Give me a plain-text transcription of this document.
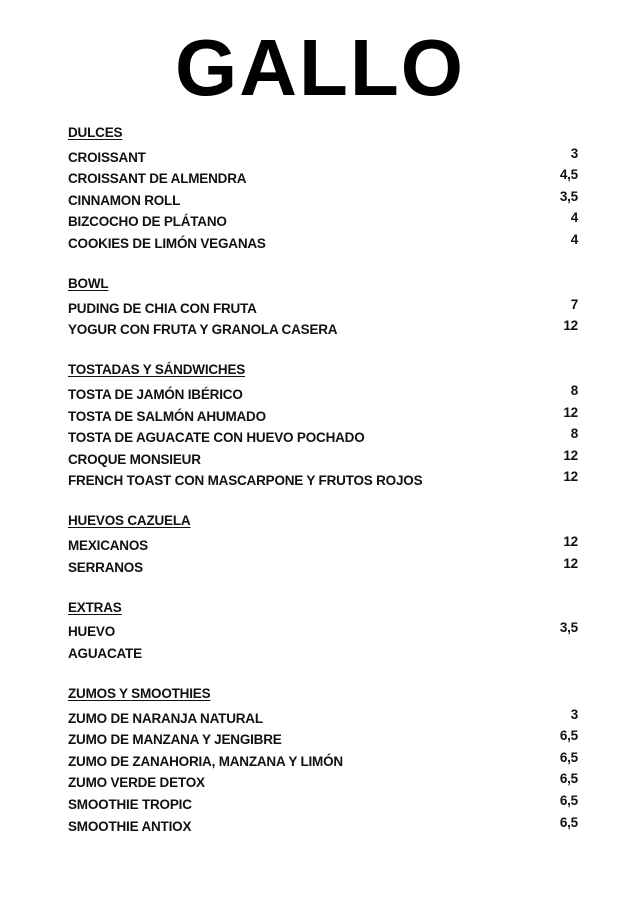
GALLO
DULCES
CROISSANT	3
CROISSANT DE ALMENDRA	4,5
CINNAMON ROLL	3,5
BIZCOCHO DE PLÁTANO	4
COOKIES DE LIMÓN VEGANAS	4
BOWL
PUDING DE CHIA CON FRUTA	7
YOGUR CON FRUTA Y GRANOLA CASERA	12
TOSTADAS Y SÁNDWICHES
TOSTA DE JAMÓN IBÉRICO	8
TOSTA DE SALMÓN AHUMADO	12
TOSTA DE AGUACATE CON HUEVO POCHADO	8
CROQUE MONSIEUR	12
FRENCH TOAST CON MASCARPONE Y FRUTOS ROJOS	12
HUEVOS CAZUELA
MEXICANOS	12
SERRANOS	12
EXTRAS
HUEVO	3,5
AGUACATE
ZUMOS Y SMOOTHIES
ZUMO DE NARANJA NATURAL	3
ZUMO DE MANZANA Y JENGIBRE	6,5
ZUMO DE ZANAHORIA, MANZANA Y LIMÓN	6,5
ZUMO VERDE DETOX	6,5
SMOOTHIE TROPIC	6,5
SMOOTHIE ANTIOX	6,5
